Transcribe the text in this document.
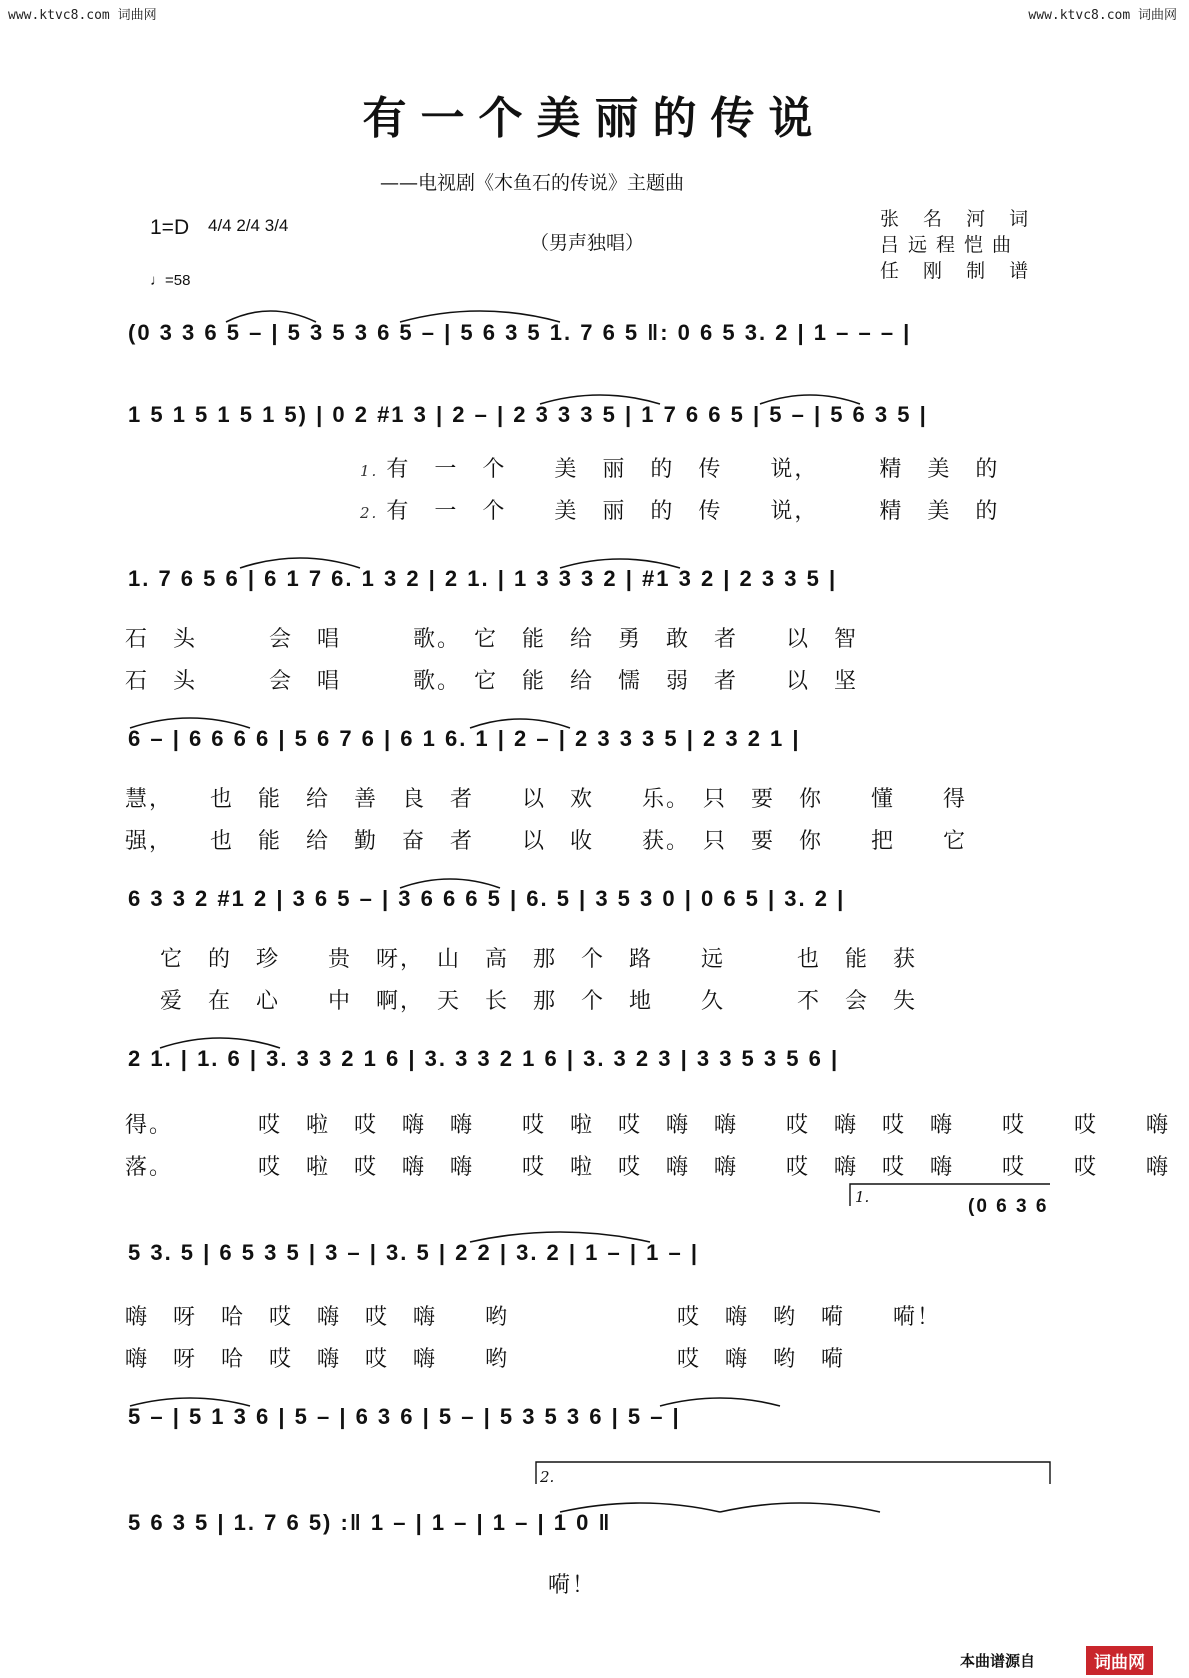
www.ktvc8.com 词曲网	www.ktvc8.com 词曲网
有一个美丽的传说
——电视剧《木鱼石的传说》主题曲
1=D 4/4 2/4 3/4
♩=58
（男声独唱）
张 名 河 词
吕远程恺曲
任 刚 制 谱
(0 3 3 6 5 – | 5 3 5 3 6 5 – | 5 6 3 5 1. 7 6 5 ‖: 0 6 5 3. 2 | 1 – – – |
1 5 1 5 1 5 1 5) | 0 2 #1 3 | 2 – | 2 3 3 3 5 | 1 7 6 6 5 | 5 – | 5 6 3 5 |
1. 有　一　个　　美　丽　的　传　　说，　　　精　美　的
2. 有　一　个　　美　丽　的　传　　说，　　　精　美　的
1. 7 6 5 6 | 6 1 7 6. 1 3 2 | 2 1. | 1 3 3 3 2 | #1 3 2 | 2 3 3 5 |
石　头　　　会　唱　　　歌。　它　能　给　勇　敢　者　　以　智
石　头　　　会　唱　　　歌。　它　能　给　懦　弱　者　　以　坚
6 – | 6 6 6 6 | 5 6 7 6 | 6 1 6. 1 | 2 – | 2 3 3 3 5 | 2 3 2 1 |
慧，　　也　能　给　善　良　者　　以　欢　　乐。　只　要　你　　懂　　得
强，　　也　能　给　勤　奋　者　　以　收　　获。　只　要　你　　把　　它
6 3 3 2 #1 2 | 3 6 5 – | 3 6 6 6 5 | 6. 5 | 3 5 3 0 | 0 6 5 | 3. 2 |
它　的　珍　　贵　呀，　山　高　那　个　路　　远　　　也　能　获
爱　在　心　　中　啊，　天　长　那　个　地　　久　　　不　会　失
2 1. | 1. 6 | 3. 3 3 2 1 6 | 3. 3 3 2 1 6 | 3. 3 2 3 | 3 3 5 3 5 6 |
得。　　　　哎　啦　哎　嗨　嗨　　哎　啦　哎　嗨　嗨　　哎　嗨　哎　嗨　　哎　　哎　　嗨
落。　　　　哎　啦　哎　嗨　嗨　　哎　啦　哎　嗨　嗨　　哎　嗨　哎　嗨　　哎　　哎　　嗨
1.	(0 6 3 6
5 3. 5 | 6 5 3 5 | 3 – | 3. 5 | 2 2 | 3. 2 | 1 – | 1 – |
嗨　呀　哈　哎　嗨　哎　嗨　　哟　　　　　　　哎　嗨　哟　嗬　　嗬！
嗨　呀　哈　哎　嗨　哎　嗨　　哟　　　　　　　哎　嗨　哟　嗬
5 – | 5 1 3 6 | 5 – | 6 3 6 | 5 – | 5 3 5 3 6 | 5 – |
2.
5 6 3 5 | 1. 7 6 5) :‖ 1 – | 1 – | 1 – | 1 0 ‖
嗬！
本曲谱源自	词曲网
